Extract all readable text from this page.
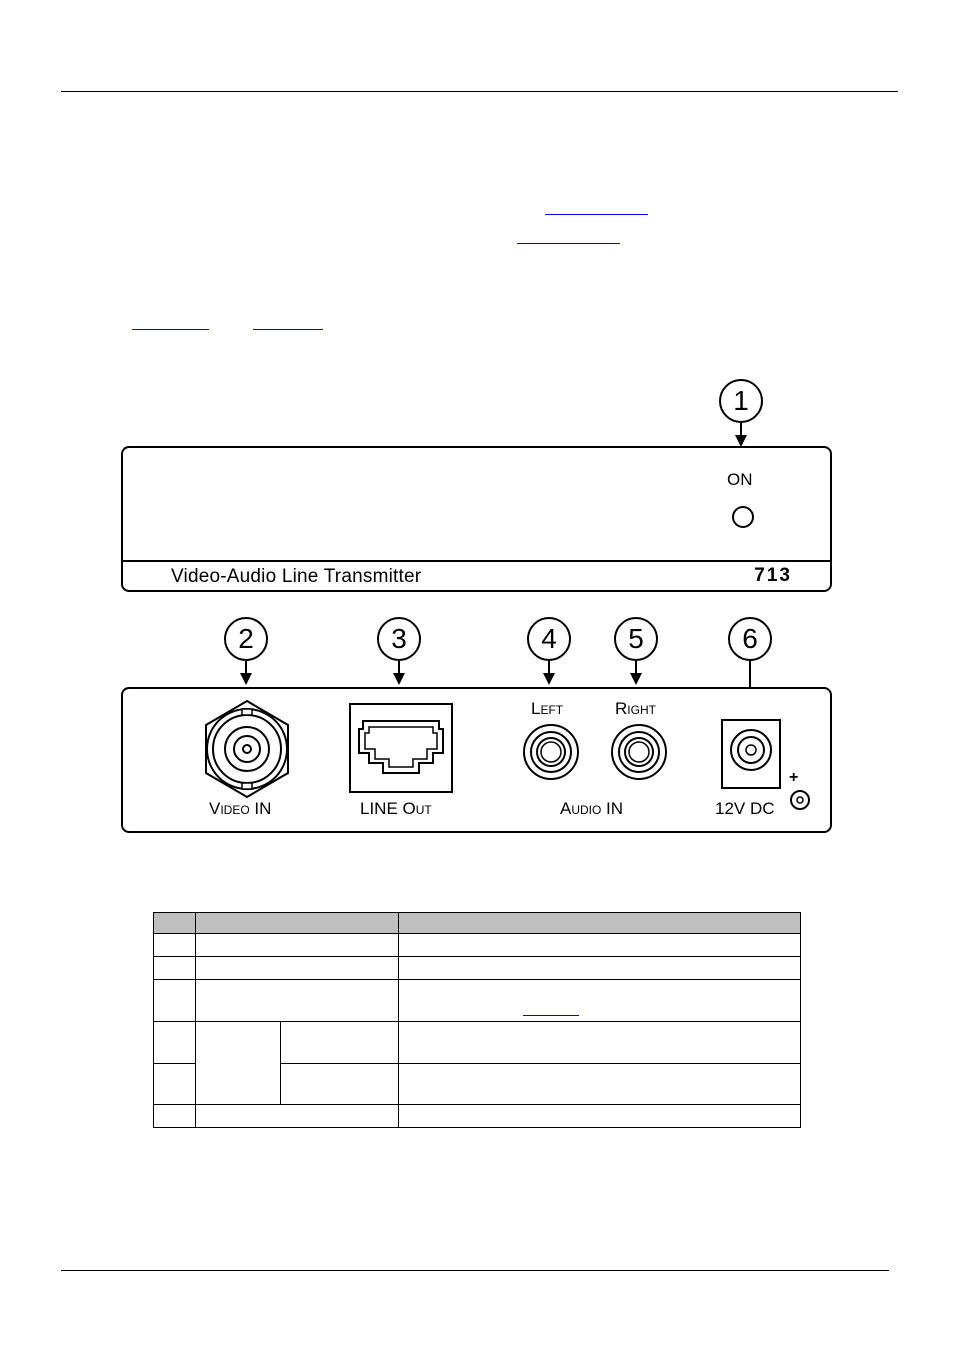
1
ON
Video-Audio Line Transmitter	713
2	3	4	5	6
Video IN	LINE Out
Left	Right
Audio IN	12V DC
+
